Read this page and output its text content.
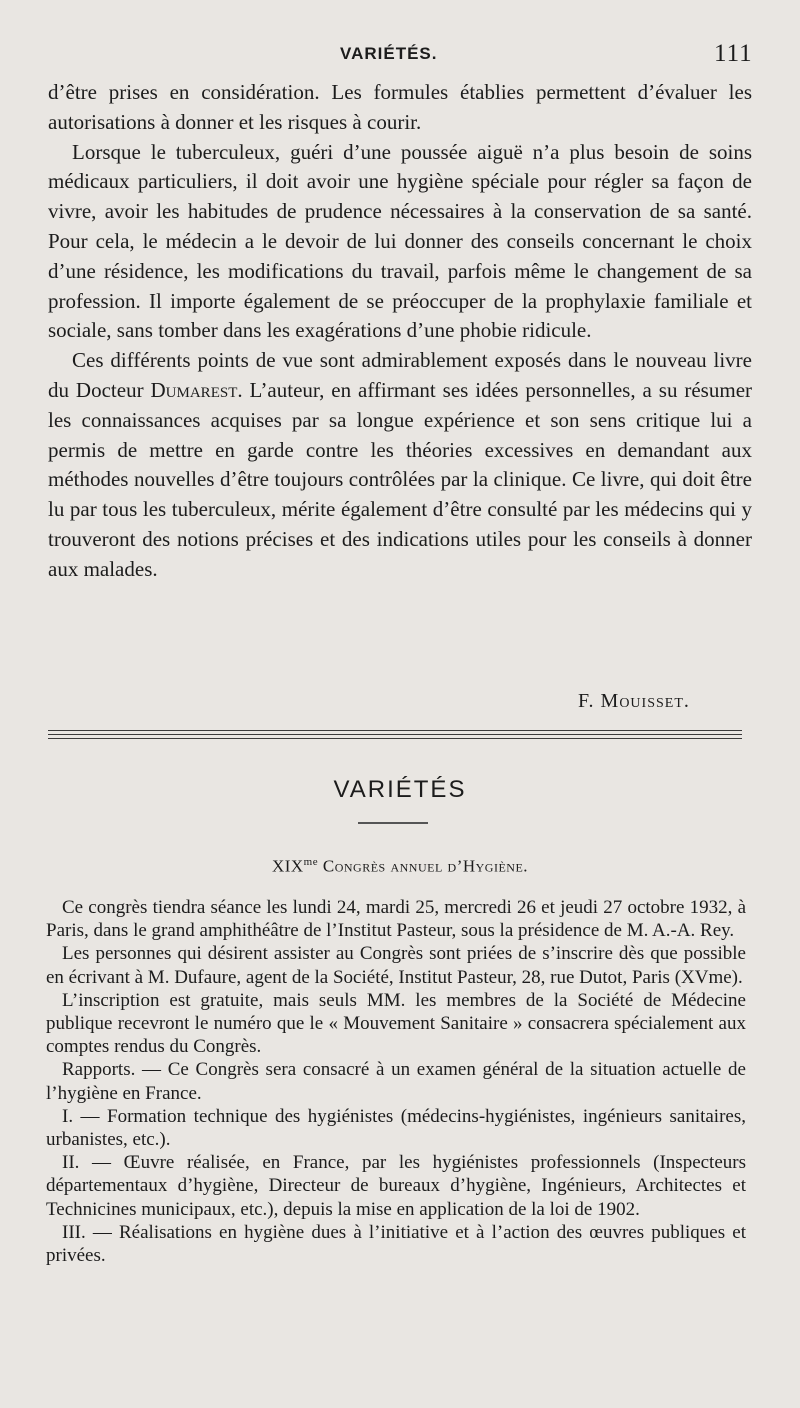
VARIÉTÉS.	111

d’être prises en considération. Les formules établies permettent d’évaluer les autorisations à donner et les risques à courir.

Lorsque le tuberculeux, guéri d’une poussée aiguë n’a plus besoin de soins médicaux particuliers, il doit avoir une hygiène spéciale pour régler sa façon de vivre, avoir les habitudes de prudence nécessaires à la conservation de sa santé. Pour cela, le médecin a le devoir de lui donner des conseils concernant le choix d’une résidence, les modifications du travail, parfois même le changement de sa profession. Il importe également de se préoccuper de la prophylaxie familiale et sociale, sans tomber dans les exagérations d’une phobie ridicule.

Ces différents points de vue sont admirablement exposés dans le nouveau livre du Docteur Dumarest. L’auteur, en affirmant ses idées personnelles, a su résumer les connaissances acquises par sa longue expérience et son sens critique lui a permis de mettre en garde contre les théories excessives en demandant aux méthodes nouvelles d’être toujours contrôlées par la clinique. Ce livre, qui doit être lu par tous les tuberculeux, mérite également d’être consulté par les médecins qui y trouveront des notions précises et des indications utiles pour les conseils à donner aux malades.

F. Mouisset.
VARIÉTÉS
$XIX^{me}$ Congrès annuel d’Hygiène.

Ce congrès tiendra séance les lundi 24, mardi 25, mercredi 26 et jeudi 27 octobre 1932, à Paris, dans le grand amphithéâtre de l’Institut Pasteur, sous la présidence de M. A.-A. Rey.

Les personnes qui désirent assister au Congrès sont priées de s’inscrire dès que possible en écrivant à M. Dufaure, agent de la Société, Institut Pasteur, 28, rue Dutot, Paris (XVme).

L’inscription est gratuite, mais seuls MM. les membres de la Société de Médecine publique recevront le numéro que le « Mouvement Sanitaire » consacrera spécialement aux comptes rendus du Congrès.

Rapports. — Ce Congrès sera consacré à un examen général de la situation actuelle de l’hygiène en France.

I. — Formation technique des hygiénistes (médecins-hygiénistes, ingénieurs sanitaires, urbanistes, etc.).

II. — Œuvre réalisée, en France, par les hygiénistes professionnels (Inspecteurs départementaux d’hygiène, Directeur de bureaux d’hygiène, Ingénieurs, Architectes et Technicines municipaux, etc.), depuis la mise en application de la loi de 1902.

III. — Réalisations en hygiène dues à l’initiative et à l’action des œuvres publiques et privées.
